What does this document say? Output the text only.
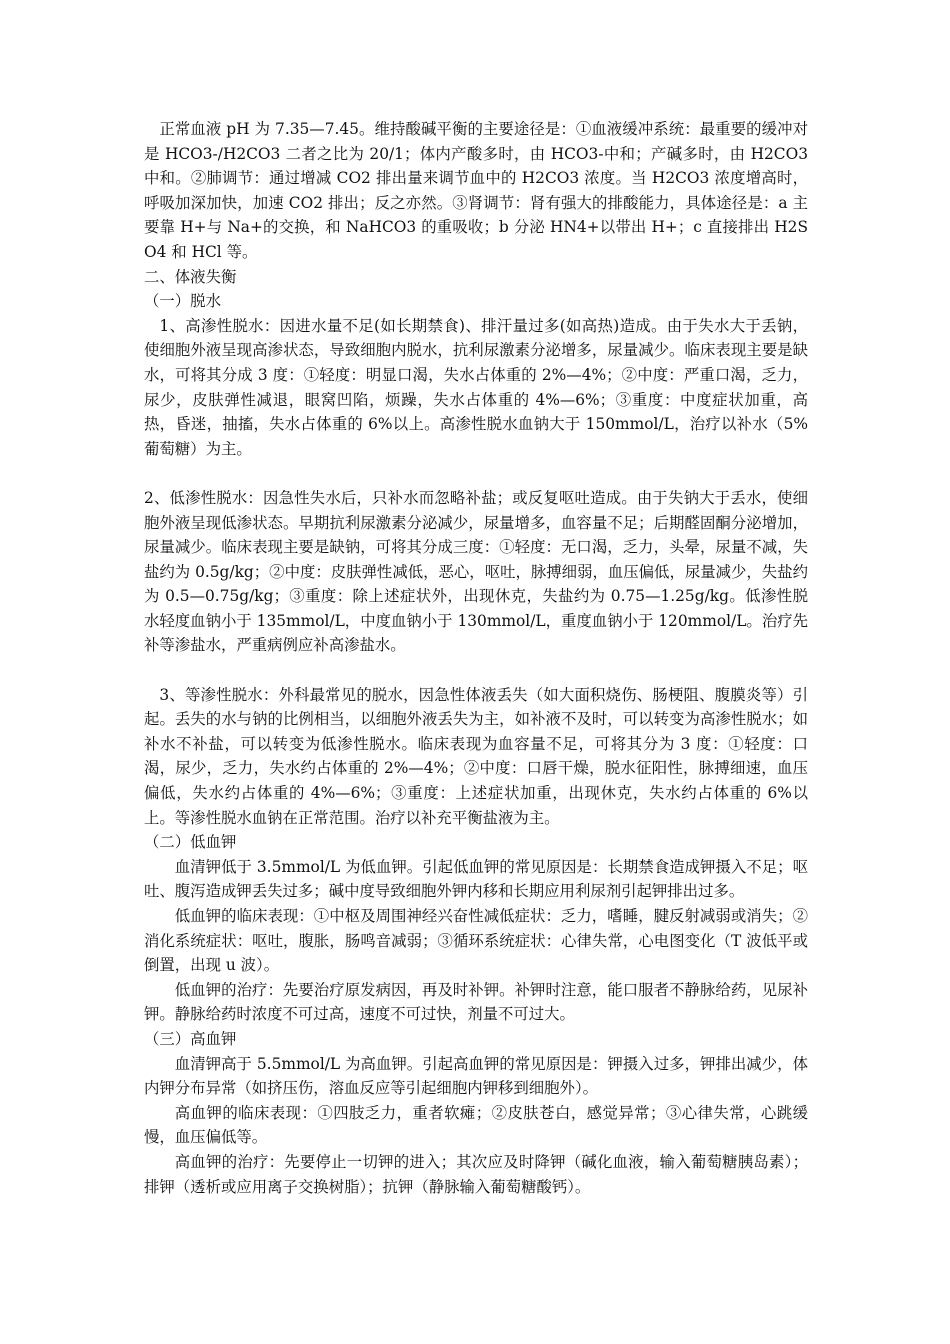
正常血液 pH 为 7.35—7.45。维持酸碱平衡的主要途径是：①血液缓冲系统：最重要的缓冲对是 HCO3-/H2CO3 二者之比为 20/1；体内产酸多时，由 HCO3-中和；产碱多时，由 H2CO3 中和。②肺调节：通过增减 CO2 排出量来调节血中的 H2CO3 浓度。当 H2CO3 浓度增高时，呼吸加深加快，加速 CO2 排出；反之亦然。③肾调节：肾有强大的排酸能力，具体途径是：a 主要靠 H+与 Na+的交换，和 NaHCO3 的重吸收；b 分泌 HN4+以带出 H+；c 直接排出 H2SO4 和 HCl 等。

二、体液失衡

（一）脱水

1、高渗性脱水：因进水量不足(如长期禁食)、排汗量过多(如高热)造成。由于失水大于丢钠，使细胞外液呈现高渗状态，导致细胞内脱水，抗利尿激素分泌增多，尿量减少。临床表现主要是缺水，可将其分成 3 度：①轻度：明显口渴，失水占体重的 2%—4%；②中度：严重口渴，乏力，尿少，皮肤弹性减退，眼窝凹陷，烦躁，失水占体重的 4%—6%；③重度：中度症状加重，高热，昏迷，抽搐，失水占体重的 6%以上。高渗性脱水血钠大于 150mmol/L，治疗以补水（5%葡萄糖）为主。

2、低渗性脱水：因急性失水后，只补水而忽略补盐；或反复呕吐造成。由于失钠大于丢水，使细胞外液呈现低渗状态。早期抗利尿激素分泌减少，尿量增多，血容量不足；后期醛固酮分泌增加，尿量减少。临床表现主要是缺钠，可将其分成三度：①轻度：无口渴，乏力，头晕，尿量不减，失盐约为 0.5g/kg；②中度：皮肤弹性减低，恶心，呕吐，脉搏细弱，血压偏低，尿量减少，失盐约为 0.5—0.75g/kg；③重度：除上述症状外，出现休克，失盐约为 0.75—1.25g/kg。低渗性脱水轻度血钠小于 135mmol/L，中度血钠小于 130mmol/L，重度血钠小于 120mmol/L。治疗先补等渗盐水，严重病例应补高渗盐水。

3、等渗性脱水：外科最常见的脱水，因急性体液丢失（如大面积烧伤、肠梗阻、腹膜炎等）引起。丢失的水与钠的比例相当，以细胞外液丢失为主，如补液不及时，可以转变为高渗性脱水；如补水不补盐，可以转变为低渗性脱水。临床表现为血容量不足，可将其分为 3 度：①轻度：口渴，尿少，乏力，失水约占体重的 2%—4%；②中度：口唇干燥，脱水征阳性，脉搏细速，血压偏低，失水约占体重的 4%—6%；③重度：上述症状加重，出现休克，失水约占体重的 6%以上。等渗性脱水血钠在正常范围。治疗以补充平衡盐液为主。

（二）低血钾

血清钾低于 3.5mmol/L 为低血钾。引起低血钾的常见原因是：长期禁食造成钾摄入不足；呕吐、腹泻造成钾丢失过多；碱中度导致细胞外钾内移和长期应用利尿剂引起钾排出过多。

低血钾的临床表现：①中枢及周围神经兴奋性减低症状：乏力，嗜睡，腱反射减弱或消失；②消化系统症状：呕吐，腹胀，肠鸣音减弱；③循环系统症状：心律失常，心电图变化（T 波低平或倒置，出现 u 波）。

低血钾的治疗：先要治疗原发病因，再及时补钾。补钾时注意，能口服者不静脉给药，见尿补钾。静脉给药时浓度不可过高，速度不可过快，剂量不可过大。

（三）高血钾

血清钾高于 5.5mmol/L 为高血钾。引起高血钾的常见原因是：钾摄入过多，钾排出减少，体内钾分布异常（如挤压伤，溶血反应等引起细胞内钾移到细胞外）。

高血钾的临床表现：①四肢乏力，重者软瘫；②皮肤苍白，感觉异常；③心律失常，心跳缓慢，血压偏低等。

高血钾的治疗：先要停止一切钾的进入；其次应及时降钾（碱化血液，输入葡萄糖胰岛素）；排钾（透析或应用离子交换树脂）；抗钾（静脉输入葡萄糖酸钙）。
